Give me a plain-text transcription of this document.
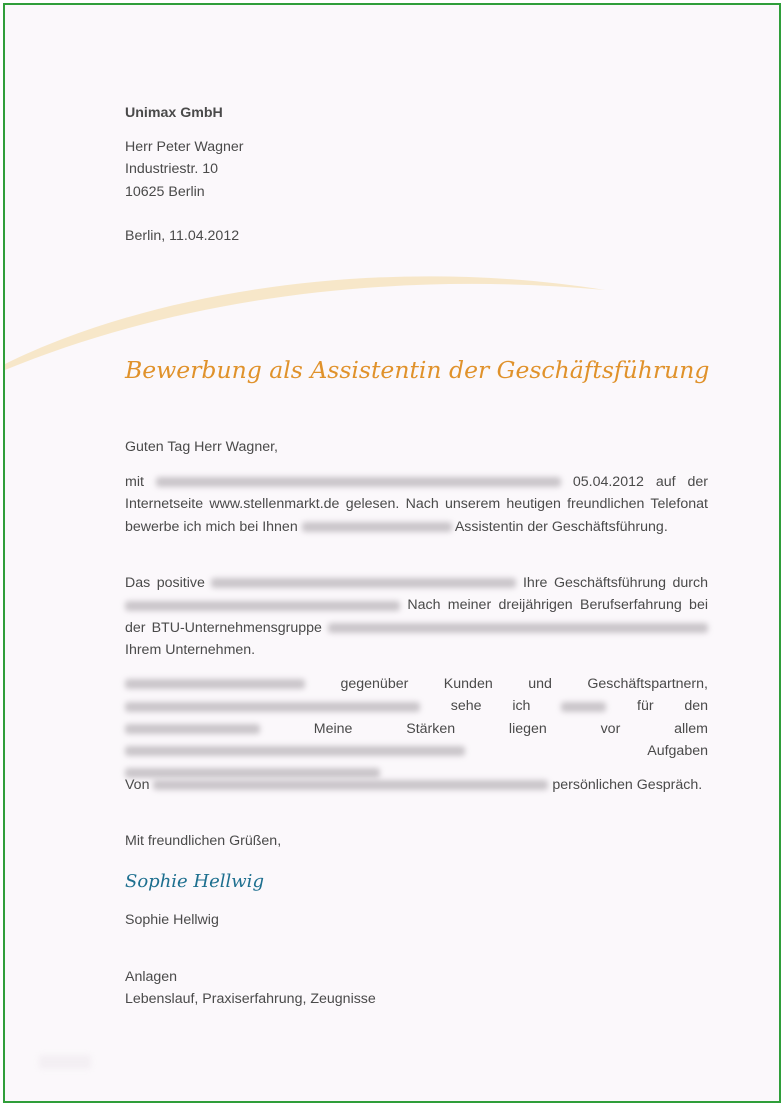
Unimax GmbH
Herr Peter Wagner
Industriestr. 10
10625 Berlin
Berlin, 11.04.2012
Bewerbung als Assistentin der Geschäftsführung
Guten Tag Herr Wagner,
mit	05.04.2012 auf der Internetseite www.stellenmarkt.de gelesen. Nach unserem heutigen freundlichen Telefonat bewerbe ich mich bei Ihnen	Assistentin der Geschäftsführung.
Das positive	Ihre Geschäftsführung durch  Nach meiner dreijährigen Berufserfahrung bei der BTU-Unternehmensgruppe  Ihrem Unternehmen.
gegenüber Kunden und Geschäftspartnern,  sehe ich	für den  Meine Stärken liegen vor allem  Aufgaben
Von	persönlichen Gespräch.
Mit freundlichen Grüßen,
Sophie Hellwig
Sophie Hellwig
Anlagen
Lebenslauf, Praxiserfahrung, Zeugnisse
